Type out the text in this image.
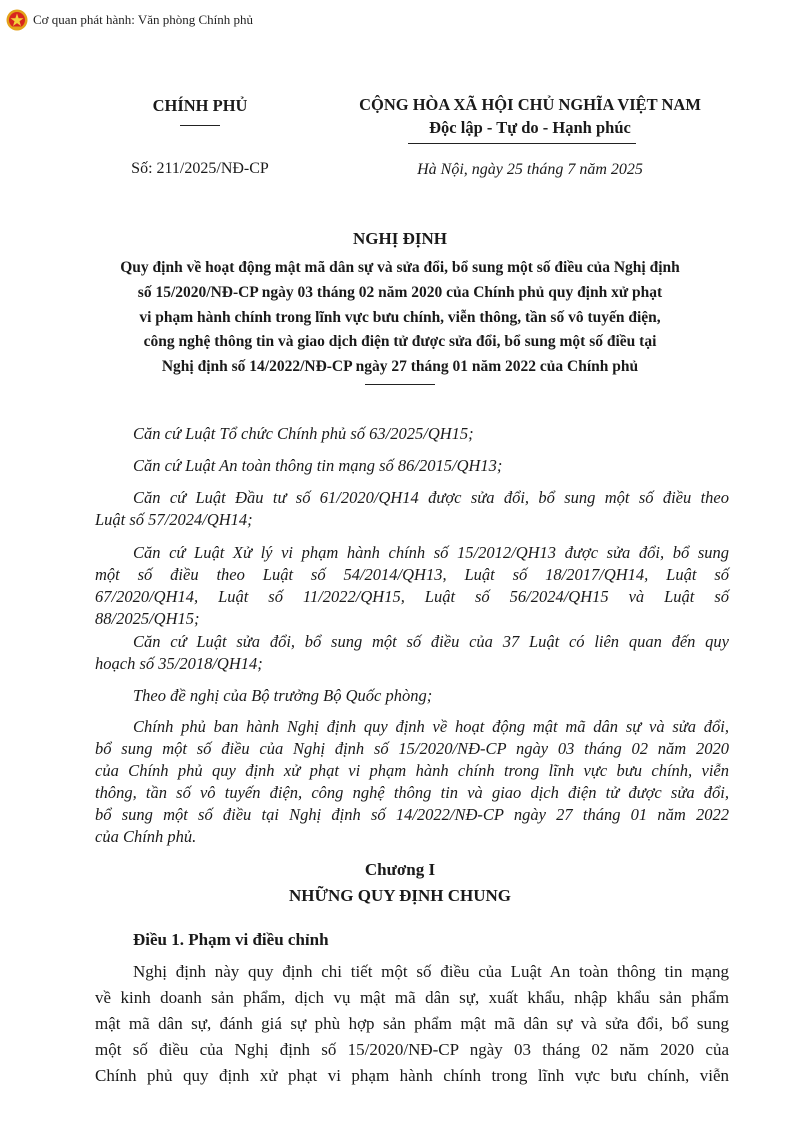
Cơ quan phát hành: Văn phòng Chính phủ
CHÍNH PHỦ
Số: 211/2025/NĐ-CP
CỘNG HÒA XÃ HỘI CHỦ NGHĨA VIỆT NAM
Độc lập - Tự do - Hạnh phúc
Hà Nội, ngày 25 tháng 7 năm 2025
NGHỊ ĐỊNH
Quy định về hoạt động mật mã dân sự và sửa đổi, bổ sung một số điều của Nghị định
số 15/2020/NĐ-CP ngày 03 tháng 02 năm 2020 của Chính phủ quy định xử phạt
vi phạm hành chính trong lĩnh vực bưu chính, viễn thông, tần số vô tuyến điện,
công nghệ thông tin và giao dịch điện tử được sửa đổi, bổ sung một số điều tại
Nghị định số 14/2022/NĐ-CP ngày 27 tháng 01 năm 2022 của Chính phủ
Căn cứ Luật Tổ chức Chính phủ số 63/2025/QH15;
Căn cứ Luật An toàn thông tin mạng số 86/2015/QH13;
Căn cứ Luật Đầu tư số 61/2020/QH14 được sửa đổi, bổ sung một số điều theo
Luật số 57/2024/QH14;
Căn cứ Luật Xử lý vi phạm hành chính số 15/2012/QH13 được sửa đổi, bổ sung
một số điều theo Luật số 54/2014/QH13, Luật số 18/2017/QH14, Luật số
67/2020/QH14, Luật số 11/2022/QH15, Luật số 56/2024/QH15 và Luật số
88/2025/QH15;
Căn cứ Luật sửa đổi, bổ sung một số điều của 37 Luật có liên quan đến quy
hoạch số 35/2018/QH14;
Theo đề nghị của Bộ trưởng Bộ Quốc phòng;
Chính phủ ban hành Nghị định quy định về hoạt động mật mã dân sự và sửa đổi,
bổ sung một số điều của Nghị định số 15/2020/NĐ-CP ngày 03 tháng 02 năm 2020
của Chính phủ quy định xử phạt vi phạm hành chính trong lĩnh vực bưu chính, viễn
thông, tần số vô tuyến điện, công nghệ thông tin và giao dịch điện tử được sửa đổi,
bổ sung một số điều tại Nghị định số 14/2022/NĐ-CP ngày 27 tháng 01 năm 2022
của Chính phủ.
Chương I
NHỮNG QUY ĐỊNH CHUNG
Điều 1. Phạm vi điều chỉnh
Nghị định này quy định chi tiết một số điều của Luật An toàn thông tin mạng
về kinh doanh sản phẩm, dịch vụ mật mã dân sự, xuất khẩu, nhập khẩu sản phẩm
mật mã dân sự, đánh giá sự phù hợp sản phẩm mật mã dân sự và sửa đổi, bổ sung
một số điều của Nghị định số 15/2020/NĐ-CP ngày 03 tháng 02 năm 2020 của
Chính phủ quy định xử phạt vi phạm hành chính trong lĩnh vực bưu chính, viễn
